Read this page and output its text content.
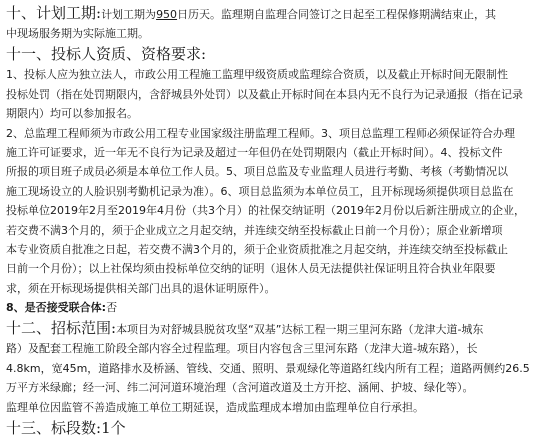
十、计划工期:计划工期为950日历天。监理期自监理合同签订之日起至工程保修期满结束止，其
中现场服务期为实际施工期。
十一、投标人资质、资格要求:
1、投标人应为独立法人，市政公用工程施工监理甲级资质或监理综合资质，以及截止开标时间无限制性
投标处罚（指在处罚期限内，含舒城县外处罚）以及截止开标时间在本县内无不良行为记录通报（指在记录
期限内）均可以参加报名。
2、总监理工程师须为市政公用工程专业国家级注册监理工程师。3、项目总监理工程师必须保证符合办理
施工许可证要求，近一年无不良行为记录及超过一年但仍在处罚期限内（截止开标时间）。4、投标文件
所报的项目班子成员必须是本单位工作人员。5、项目总监及专业监理人员进行考勤、考核（考勤情况以
施工现场设立的人脸识别考勤机记录为准）。6、项目总监须为本单位员工，且开标现场须提供项目总监在
投标单位2019年2月至2019年4月份（共3个月）的社保交纳证明（2019年2月份以后新注册成立的企业，
若交费不满3个月的，须于企业成立之月起交纳，并连续交纳至投标截止日前一个月份）；原企业新增项
本专业资质自批准之日起，若交费不满3个月的，须于企业资质批准之月起交纳，并连续交纳至投标截止
日前一个月份）；以上社保均须由投标单位交纳的证明（退休人员无法提供社保证明且符合执业年限要
求，须在开标现场提供相关部门出具的退休证明原件）。
8、是否接受联合体:否
十二、招标范围:本项目为对舒城县脱贫攻坚“双基”达标工程一期三里河东路（龙津大道-城东
路）及配套工程施工阶段全部内容全过程监理。项目内容包含三里河东路（龙津大道-城东路），长
4.8km，宽45m，道路排水及桥涵、管线、交通、照明、景观绿化等道路红线内所有工程；道路两侧约26.5
万平方米绿廊；经一河、纬二河河道环境治理（含河道改道及土方开挖、涵闸、护坡、绿化等）。
监理单位因监管不善造成施工单位工期延误，造成监理成本增加由监理单位自行承担。
十三、标段数:1个
